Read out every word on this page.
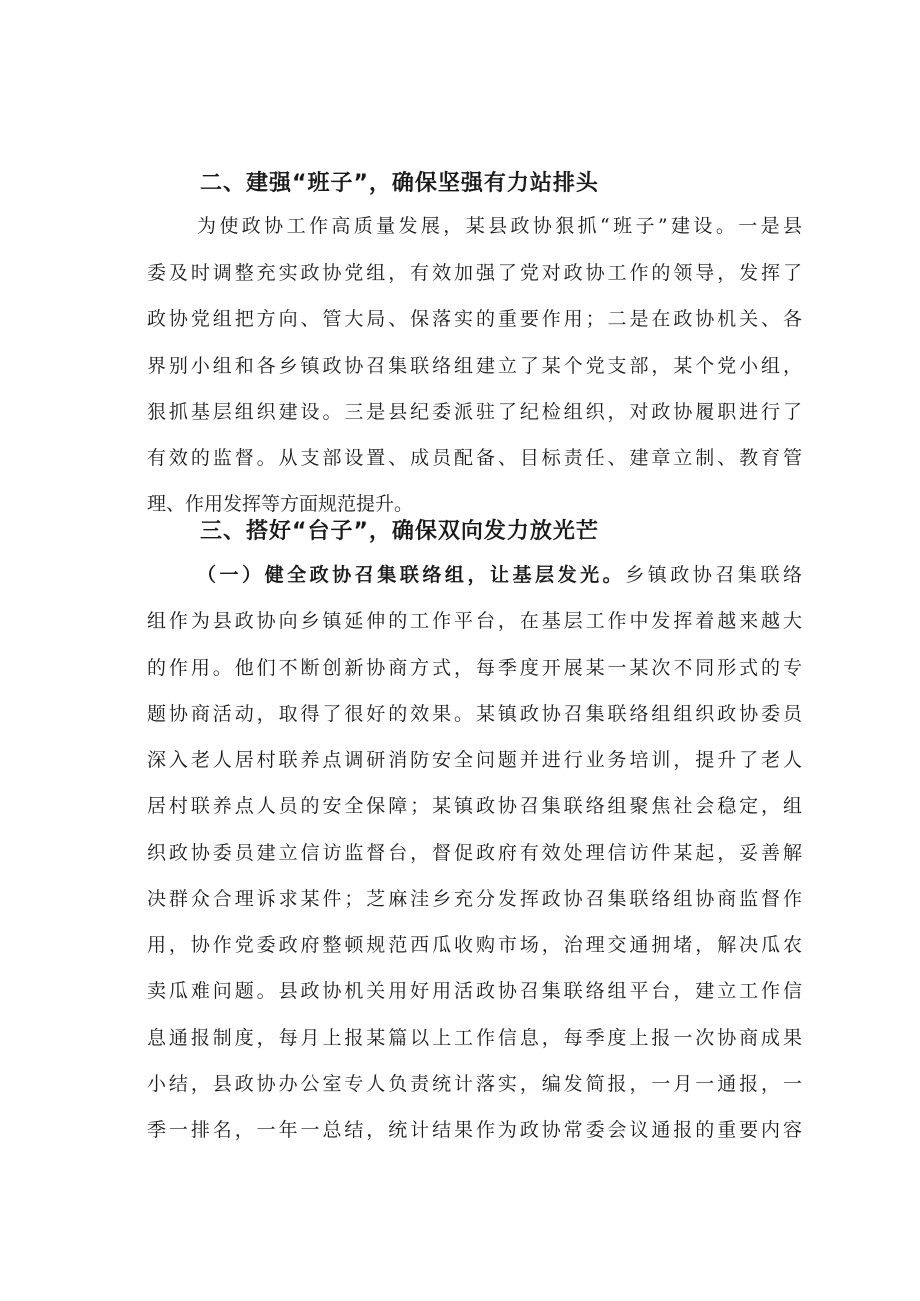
二、建强“班子”，确保坚强有力站排头

为使政协工作高质量发展，某县政协狠抓“班子”建设。一是县

委及时调整充实政协党组，有效加强了党对政协工作的领导，发挥了

政协党组把方向、管大局、保落实的重要作用；二是在政协机关、各

界别小组和各乡镇政协召集联络组建立了某个党支部，某个党小组，

狠抓基层组织建设。三是县纪委派驻了纪检组织，对政协履职进行了

有效的监督。从支部设置、成员配备、目标责任、建章立制、教育管

理、作用发挥等方面规范提升。

三、搭好“台子”，确保双向发力放光芒

（一）健全政协召集联络组，让基层发光。乡镇政协召集联络

组作为县政协向乡镇延伸的工作平台，在基层工作中发挥着越来越大

的作用。他们不断创新协商方式，每季度开展某一某次不同形式的专

题协商活动，取得了很好的效果。某镇政协召集联络组组织政协委员

深入老人居村联养点调研消防安全问题并进行业务培训，提升了老人

居村联养点人员的安全保障；某镇政协召集联络组聚焦社会稳定，组

织政协委员建立信访监督台，督促政府有效处理信访件某起，妥善解

决群众合理诉求某件；芝麻洼乡充分发挥政协召集联络组协商监督作

用，协作党委政府整顿规范西瓜收购市场，治理交通拥堵，解决瓜农

卖瓜难问题。县政协机关用好用活政协召集联络组平台，建立工作信

息通报制度，每月上报某篇以上工作信息，每季度上报一次协商成果

小结，县政协办公室专人负责统计落实，编发简报，一月一通报，一

季一排名，一年一总结，统计结果作为政协常委会议通报的重要内容
